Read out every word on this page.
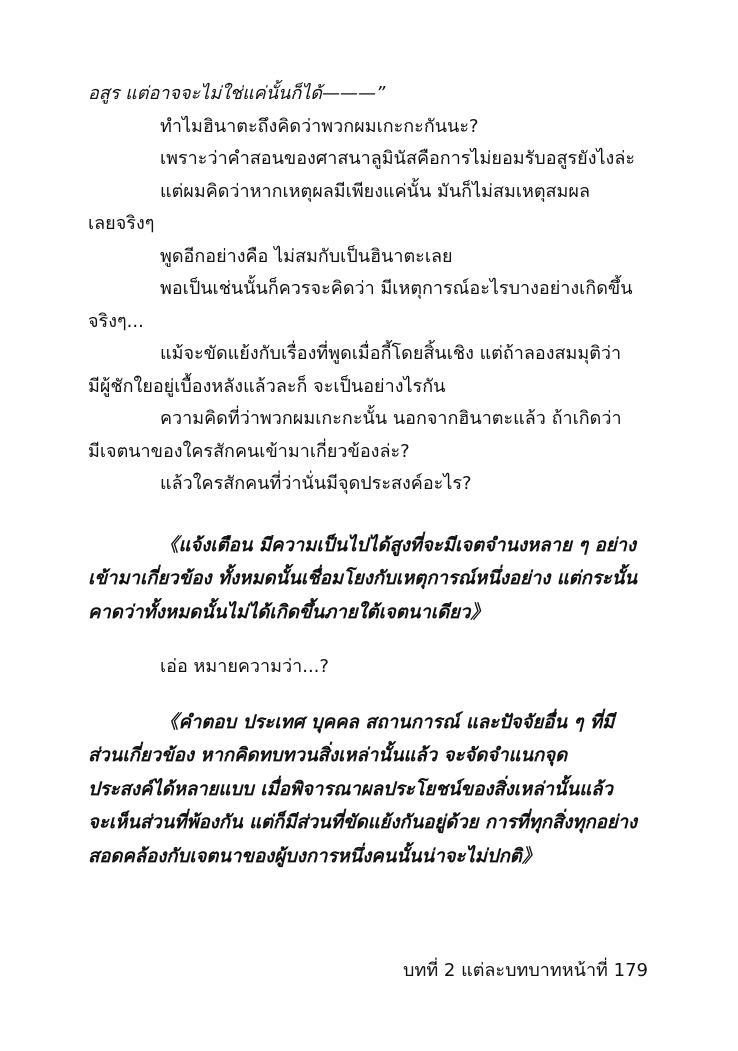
อสูร แต่อาจจะไม่ใช่แค่นั้นก็ได้———”
ทำไมฮินาตะถึงคิดว่าพวกผมเกะกะกันนะ?
เพราะว่าคำสอนของศาสนาลูมินัสคือการไม่ยอมรับอสูรยังไงล่ะ
แต่ผมคิดว่าหากเหตุผลมีเพียงแค่นั้น มันก็ไม่สมเหตุสมผล
เลยจริงๆ
พูดอีกอย่างคือ ไม่สมกับเป็นฮินาตะเลย
พอเป็นเช่นนั้นก็ควรจะคิดว่า มีเหตุการณ์อะไรบางอย่างเกิดขึ้น
จริงๆ...
แม้จะขัดแย้งกับเรื่องที่พูดเมื่อกี้โดยสิ้นเชิง แต่ถ้าลองสมมุติว่า
มีผู้ชักใยอยู่เบื้องหลังแล้วละก็ จะเป็นอย่างไรกัน
ความคิดที่ว่าพวกผมเกะกะนั้น นอกจากฮินาตะแล้ว ถ้าเกิดว่า
มีเจตนาของใครสักคนเข้ามาเกี่ยวข้องล่ะ?
แล้วใครสักคนที่ว่านั่นมีจุดประสงค์อะไร?
《แจ้งเตือน มีความเป็นไปได้สูงที่จะมีเจตจำนงหลาย ๆ อย่าง
เข้ามาเกี่ยวข้อง ทั้งหมดนั้นเชื่อมโยงกับเหตุการณ์หนึ่งอย่าง แต่กระนั้น
คาดว่าทั้งหมดนั้นไม่ได้เกิดขึ้นภายใต้เจตนาเดียว》
เอ่อ หมายความว่า...?
《คำตอบ ประเทศ บุคคล สถานการณ์ และปัจจัยอื่น ๆ ที่มี
ส่วนเกี่ยวข้อง หากคิดทบทวนสิ่งเหล่านั้นแล้ว จะจัดจำแนกจุด
ประสงค์ได้หลายแบบ เมื่อพิจารณาผลประโยชน์ของสิ่งเหล่านั้นแล้ว
จะเห็นส่วนที่พ้องกัน แต่ก็มีส่วนที่ขัดแย้งกันอยู่ด้วย การที่ทุกสิ่งทุกอย่าง
สอดคล้องกับเจตนาของผู้บงการหนึ่งคนนั้นน่าจะไม่ปกติ》
บทที่ 2 แต่ละบทบาทหน้าที่ 179
